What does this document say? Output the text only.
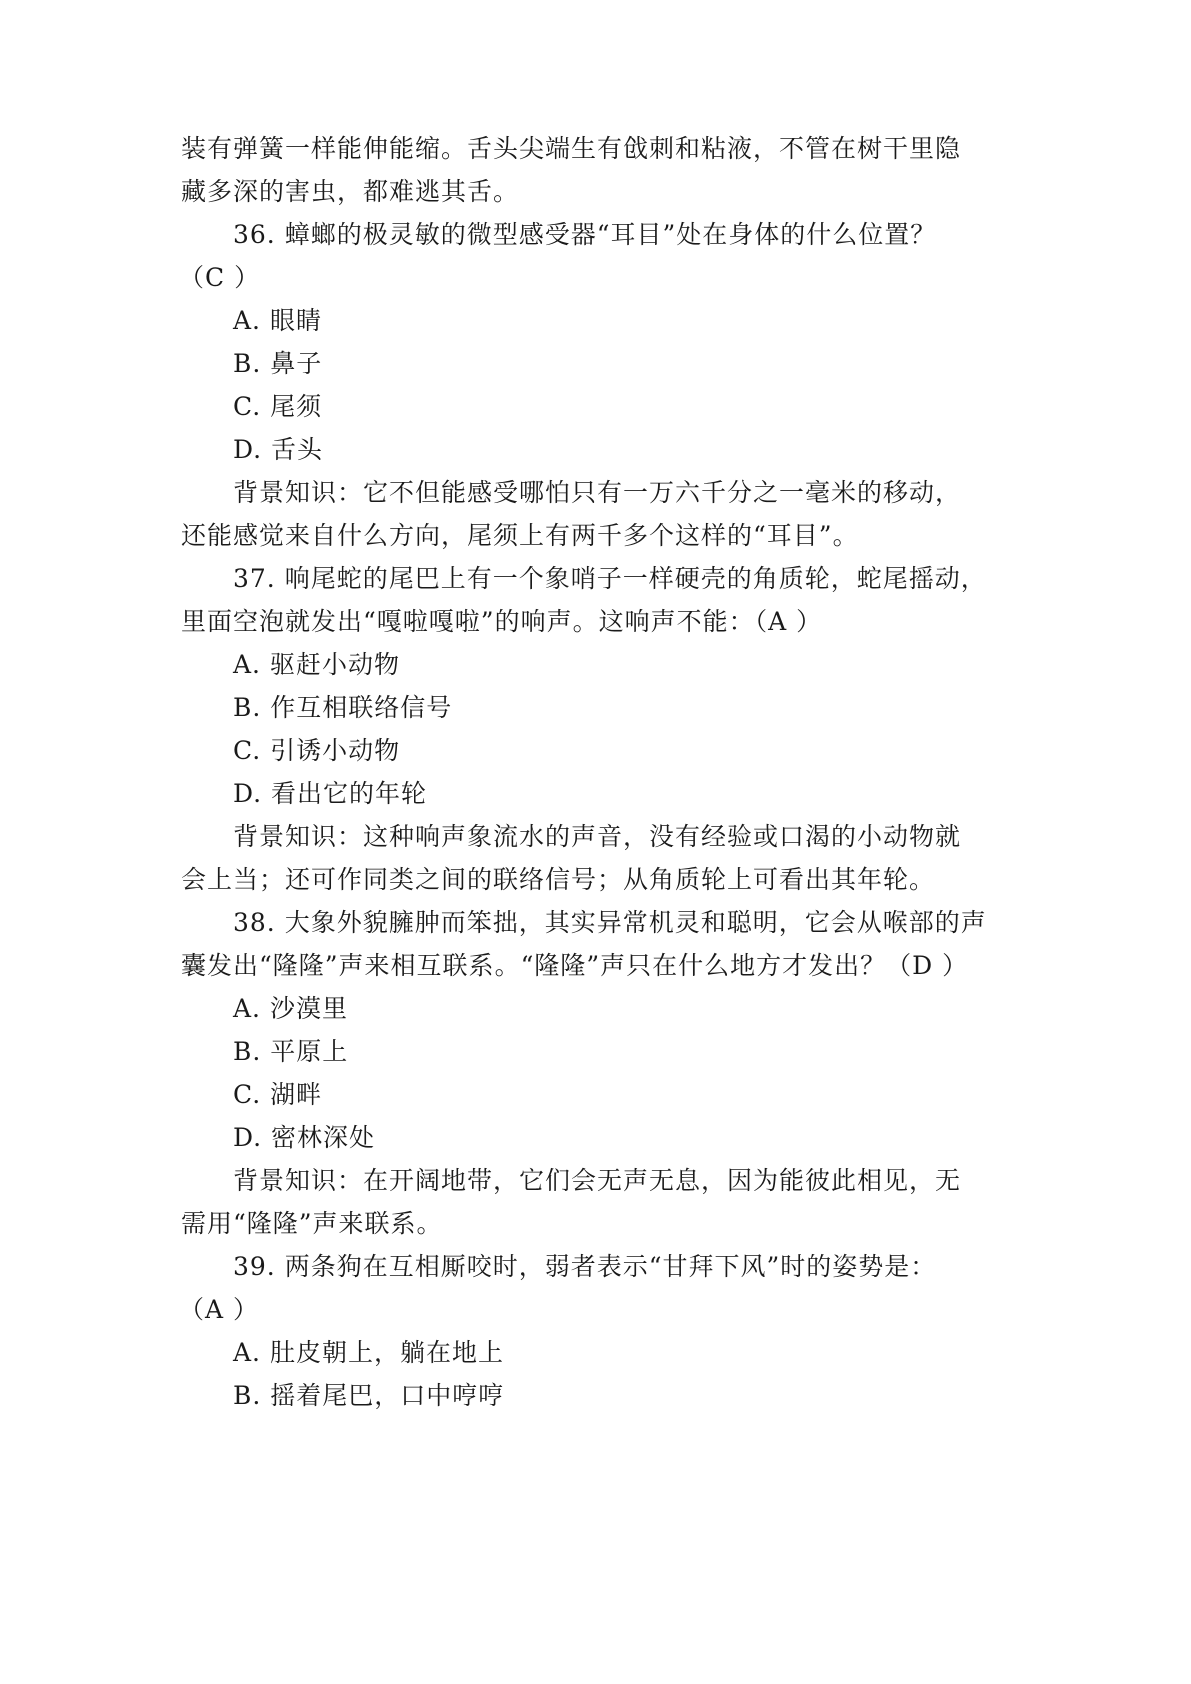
装有弹簧一样能伸能缩。舌头尖端生有戗刺和粘液，不管在树干里隐
藏多深的害虫，都难逃其舌。
36. 蟑螂的极灵敏的微型感受器“耳目”处在身体的什么位置？
（C ）
A. 眼睛
B. 鼻子
C. 尾须
D. 舌头
背景知识：它不但能感受哪怕只有一万六千分之一毫米的移动，
还能感觉来自什么方向，尾须上有两千多个这样的“耳目”。
37. 响尾蛇的尾巴上有一个象哨子一样硬壳的角质轮，蛇尾摇动，
里面空泡就发出“嘎啦嘎啦”的响声。这响声不能：（A ）
A. 驱赶小动物
B. 作互相联络信号
C. 引诱小动物
D. 看出它的年轮
背景知识：这种响声象流水的声音，没有经验或口渴的小动物就
会上当；还可作同类之间的联络信号；从角质轮上可看出其年轮。
38. 大象外貌臃肿而笨拙，其实异常机灵和聪明，它会从喉部的声
囊发出“隆隆”声来相互联系。“隆隆”声只在什么地方才发出？（D ）
A. 沙漠里
B. 平原上
C. 湖畔
D. 密林深处
背景知识：在开阔地带，它们会无声无息，因为能彼此相见，无
需用“隆隆”声来联系。
39. 两条狗在互相厮咬时，弱者表示“甘拜下风”时的姿势是：
（A ）
A. 肚皮朝上，躺在地上
B. 摇着尾巴，口中哼哼
